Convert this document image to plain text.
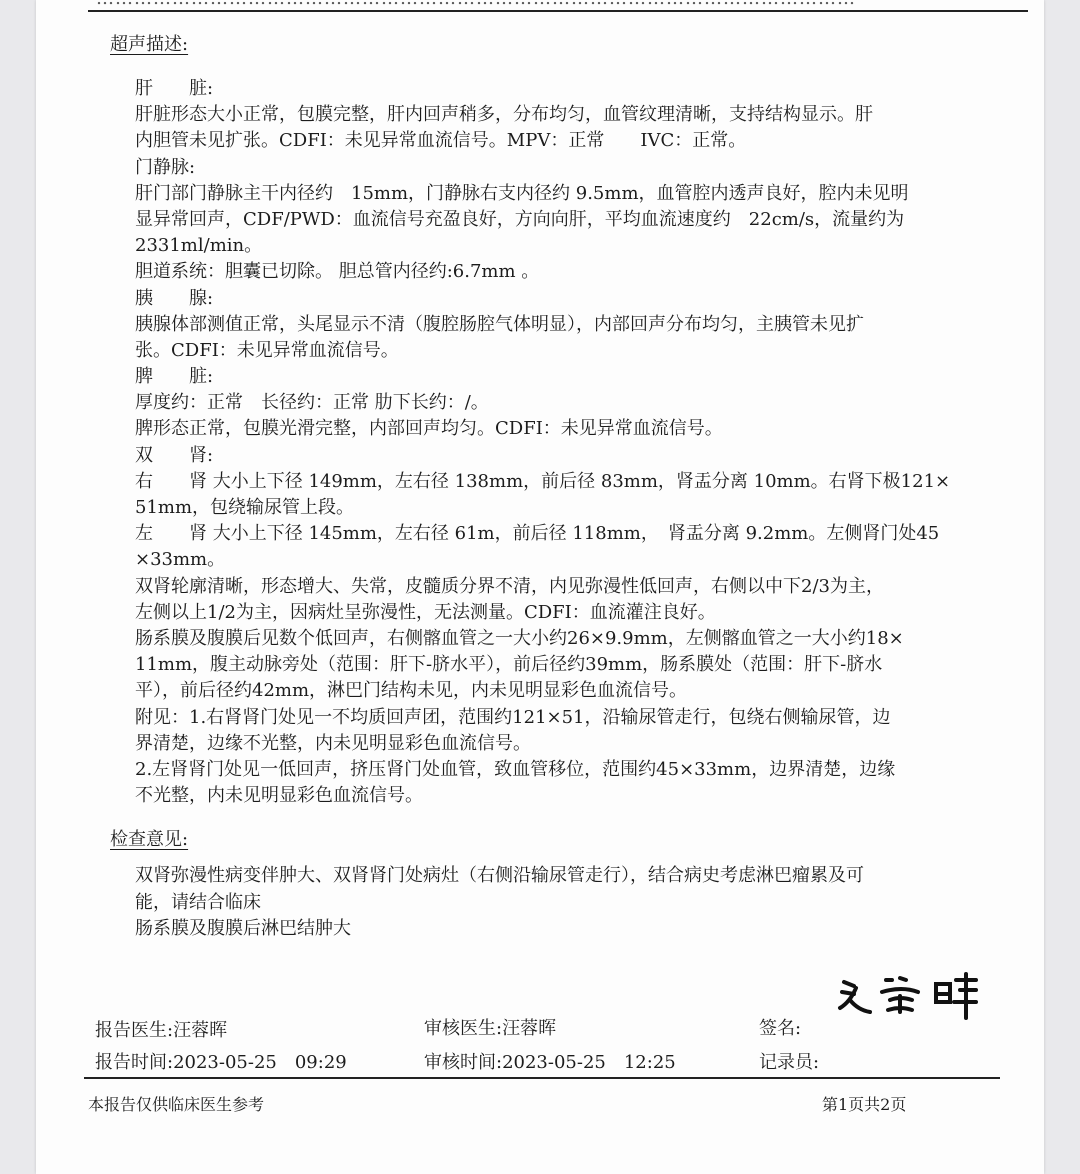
超声描述:
肝　　脏:
肝脏形态大小正常，包膜完整，肝内回声稍多，分布均匀，血管纹理清晰，支持结构显示。肝
内胆管未见扩张。CDFI：未见异常血流信号。MPV：正常　　IVC：正常。
门静脉:
肝门部门静脉主干内径约　15mm，门静脉右支内径约 9.5mm，血管腔内透声良好，腔内未见明
显异常回声，CDF/PWD：血流信号充盈良好，方向向肝，平均血流速度约　22cm/s，流量约为
2331ml/min。
胆道系统：胆囊已切除。 胆总管内径约:6.7mm 。
胰　　腺:
胰腺体部测值正常，头尾显示不清（腹腔肠腔气体明显），内部回声分布均匀，主胰管未见扩
张。CDFI：未见异常血流信号。
脾　　脏:
厚度约：正常　长径约：正常 肋下长约：/。
脾形态正常，包膜光滑完整，内部回声均匀。CDFI：未见异常血流信号。
双　　肾:
右　　肾 大小上下径 149mm，左右径 138mm，前后径 83mm，肾盂分离 10mm。右肾下极121×
51mm，包绕输尿管上段。
左　　肾 大小上下径 145mm，左右径 61m，前后径 118mm，　肾盂分离 9.2mm。左侧肾门处45
×33mm。
双肾轮廓清晰，形态增大、失常，皮髓质分界不清，内见弥漫性低回声，右侧以中下2/3为主，
左侧以上1/2为主，因病灶呈弥漫性，无法测量。CDFI：血流灌注良好。
肠系膜及腹膜后见数个低回声，右侧髂血管之一大小约26×9.9mm，左侧髂血管之一大小约18×
11mm，腹主动脉旁处（范围：肝下-脐水平），前后径约39mm，肠系膜处（范围：肝下-脐水
平），前后径约42mm，淋巴门结构未见，内未见明显彩色血流信号。
附见：1.右肾肾门处见一不均质回声团，范围约121×51，沿输尿管走行，包绕右侧输尿管，边
界清楚，边缘不光整，内未见明显彩色血流信号。
2.左肾肾门处见一低回声，挤压肾门处血管，致血管移位，范围约45×33mm，边界清楚，边缘
不光整，内未见明显彩色血流信号。
检查意见:
双肾弥漫性病变伴肿大、双肾肾门处病灶（右侧沿输尿管走行），结合病史考虑淋巴瘤累及可
能，请结合临床
肠系膜及腹膜后淋巴结肿大
报告医生:汪蓉晖	审核医生:汪蓉晖	签名:
报告时间:2023-05-25　09:29	审核时间:2023-05-25　12:25	记录员:
本报告仅供临床医生参考	第1页共2页
